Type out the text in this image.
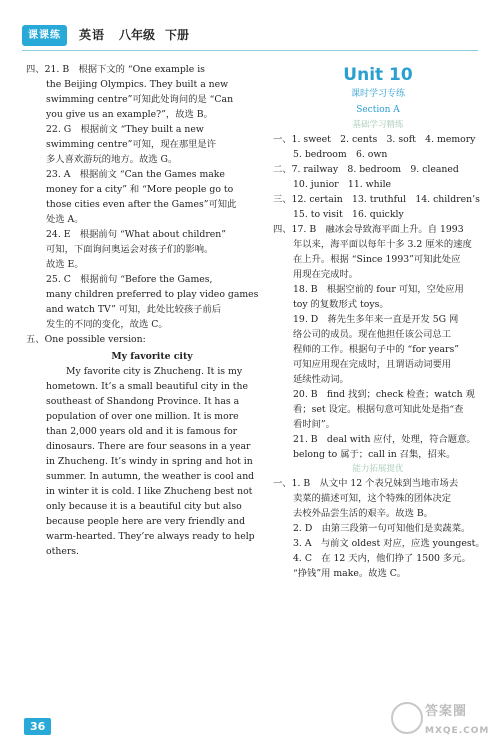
课课练	英语 八年级 下册
四、21. B　根据下文的 “One example is
the Beijing Olympics. They built a new
swimming centre”可知此处询问的是 “Can
you give us an example?”，故选 B。
22. G　根据前文 “They built a new
swimming centre”可知，现在那里是许
多人喜欢游玩的地方。故选 G。
23. A　根据前文 “Can the Games make
money for a city” 和 “More people go to
those cities even after the Games”可知此
处选 A。
24. E　根据前句 “What about children”
可知，下面询问奥运会对孩子们的影响。
故选 E。
25. C　根据前句 “Before the Games,
many children preferred to play video games
and watch TV” 可知，此处比较孩子前后
发生的不同的变化，故选 C。
五、One possible version:
My favorite city
My favorite city is Zhucheng. It is my
hometown. It’s a small beautiful city in the
southeast of Shandong Province. It has a
population of over one million. It is more
than 2,000 years old and it is famous for
dinosaurs. There are four seasons in a year
in Zhucheng. It’s windy in spring and hot in
summer. In autumn, the weather is cool and
in winter it is cold. I like Zhucheng best not
only because it is a beautiful city but also
because people here are very friendly and
warm-hearted. They’re always ready to help
others.
Unit 10
课时学习专练
Section A
基础学习精练
一、1. sweet　2. cents　3. soft　4. memory
5. bedroom　6. own
二、7. railway　8. bedroom　9. cleaned
10. junior　11. while
三、12. certain　13. truthful　14. children’s
15. to visit　16. quickly
四、17. B　融冰会导致海平面上升。自 1993
年以来，海平面以每年十多 3.2 厘米的速度
在上升。根据 “Since 1993”可知此处应
用现在完成时。
18. B　根据空前的 four 可知，空处应用
toy 的复数形式 toys。
19. D　蒋先生多年来一直是开发 5G 网
络公司的成员。现在他担任该公司总工
程师的工作。根据句子中的 “for years”
可知应用现在完成时，且谓语动词要用
延续性动词。
20. B　find 找到；check 检查；watch 观
看；set 设定。根据句意可知此处是指“查
看时间”。
21. B　deal with 应付，处理，符合题意。
belong to 属于；call in 召集，招来。
能力拓展提优
一、1. B　从文中 12 个表兄妹到当地市场去
卖菜的描述可知，这个特殊的团体决定
去校外品尝生活的艰辛。故选 B。
2. D　由第三段第一句可知他们是卖蔬菜。
3. A　与前文 oldest 对应，应选 youngest。
4. C　在 12 天内，他们挣了 1500 多元。
“挣钱”用 make。故选 C。
36
答案圈
MXQE.COM
